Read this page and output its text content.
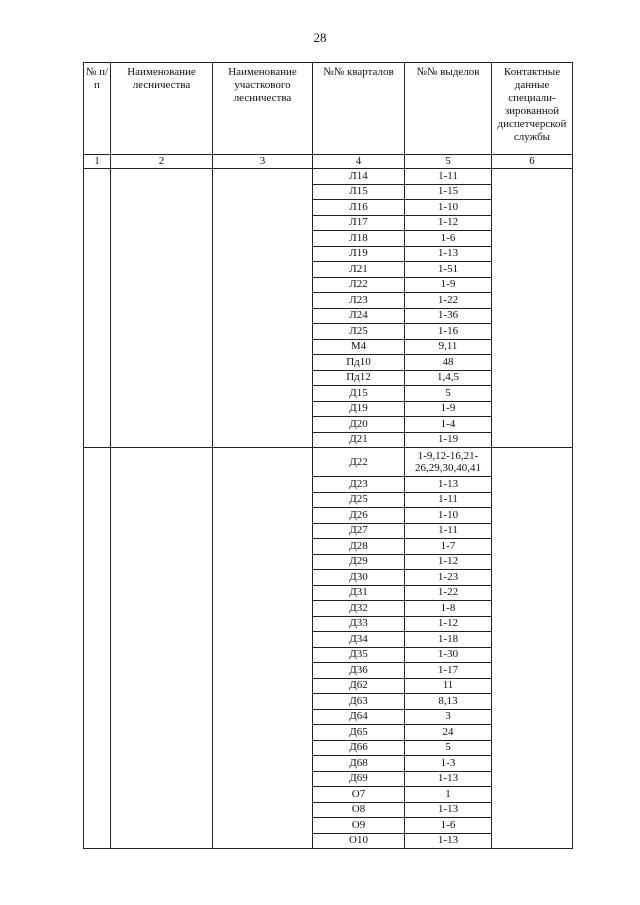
28
№ п/п	Наименование лесничества	Наименование участкового лесничества	№№ кварталов	№№ выделов	Контактные данные специали-зированной диспетчерской службы
1	2	3	4	5	6
			Л14	1-11	
			Л15	1-15	
			Л16	1-10	
			Л17	1-12	
			Л18	1-6	
			Л19	1-13	
			Л21	1-51	
			Л22	1-9	
			Л23	1-22	
			Л24	1-36	
			Л25	1-16	
			М4	9,11	
			Пд10	48	
			Пд12	1,4,5	
			Д15	5	
			Д19	1-9	
			Д20	1-4	
			Д21	1-19	
			Д22	1-9,12-16,21-26,29,30,40,41	
			Д23	1-13	
			Д25	1-11	
			Д26	1-10	
			Д27	1-11	
			Д28	1-7	
			Д29	1-12	
			Д30	1-23	
			Д31	1-22	
			Д32	1-8	
			Д33	1-12	
			Д34	1-18	
			Д35	1-30	
			Д36	1-17	
			Д62	11	
			Д63	8,13	
			Д64	3	
			Д65	24	
			Д66	5	
			Д68	1-3	
			Д69	1-13	
			О7	1	
			О8	1-13	
			О9	1-6	
			О10	1-13	
